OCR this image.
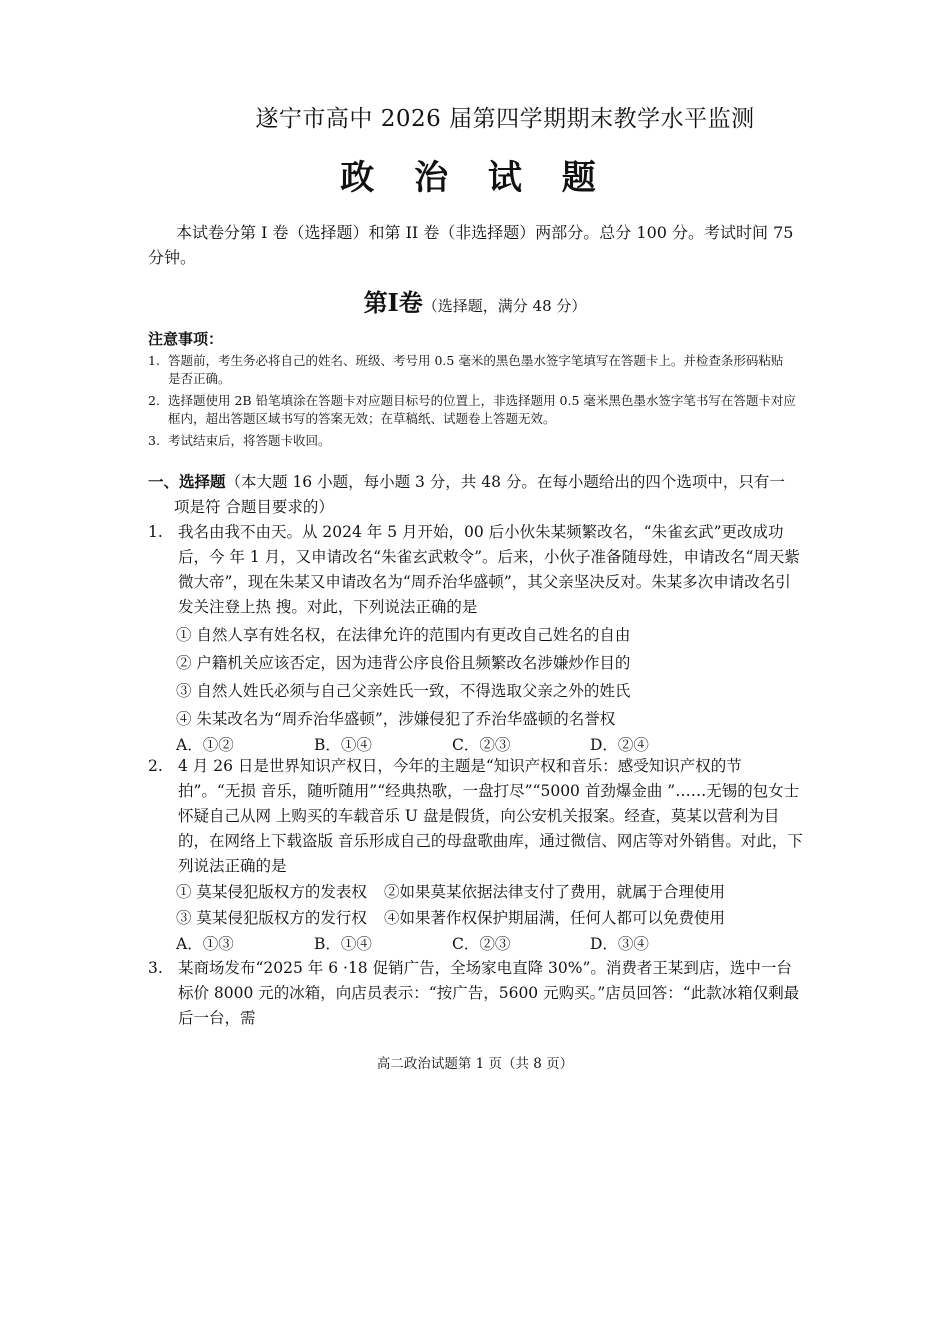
遂宁市高中 2026 届第四学期期末教学水平监测
政 治 试 题
本试卷分第 I 卷（选择题）和第 II 卷（非选择题）两部分。总分 100 分。考试时间 75 分钟。
第Ⅰ卷（选择题，满分 48 分）
注意事项：
1. 答题前，考生务必将自己的姓名、班级、考号用 0.5 毫米的黑色墨水签字笔填写在答题卡上。并检查条形码粘贴 是否正确。
2. 选择题使用 2B 铅笔填涂在答题卡对应题目标号的位置上，非选择题用 0.5 毫米黑色墨水签字笔书写在答题卡对应 框内，超出答题区域书写的答案无效；在草稿纸、试题卷上答题无效。
3. 考试结束后，将答题卡收回。
一、选择题（本大题 16 小题，每小题 3 分，共 48 分。在每小题给出的四个选项中，只有一
项是符 合题目要求的）
1. 我名由我不由天。从 2024 年 5 月开始，00 后小伙朱某频繁改名，“朱雀玄武”更改成功后，今 年 1 月，又申请改名“朱雀玄武敕令”。后来，小伙子准备随母姓，申请改名“周天紫微大帝”，现在朱某又申请改名为“周乔治华盛顿”，其父亲坚决反对。朱某多次申请改名引发关注登上热 搜。对此，下列说法正确的是
① 自然人享有姓名权，在法律允许的范围内有更改自己姓名的自由
② 户籍机关应该否定，因为违背公序良俗且频繁改名涉嫌炒作目的
③ 自然人姓氏必须与自己父亲姓氏一致，不得选取父亲之外的姓氏
④ 朱某改名为“周乔治华盛顿”，涉嫌侵犯了乔治华盛顿的名誉权
A．①②	B．①④	C．②③	D．②④
2. 4 月 26 日是世界知识产权日，今年的主题是“知识产权和音乐：感受知识产权的节拍”。“无损 音乐，随听随用”“经典热歌，一盘打尽”“5000 首劲爆金曲 ”……无锡的包女士怀疑自己从网 上购买的车载音乐 U 盘是假货，向公安机关报案。经查，莫某以营利为目的，在网络上下载盗版 音乐形成自己的母盘歌曲库，通过微信、网店等对外销售。对此，下列说法正确的是
① 莫某侵犯版权方的发表权	②如果莫某依据法律支付了费用，就属于合理使用
③ 莫某侵犯版权方的发行权	④如果著作权保护期届满，任何人都可以免费使用
A．①③	B．①④	C．②③	D．③④
3. 某商场发布“2025 年 6 ·18 促销广告，全场家电直降 30%”。消费者王某到店，选中一台标价 8000 元的冰箱，向店员表示：“按广告，5600 元购买。”店员回答：“此款冰箱仅剩最后一台，需
高二政治试题第 1 页（共 8 页）
